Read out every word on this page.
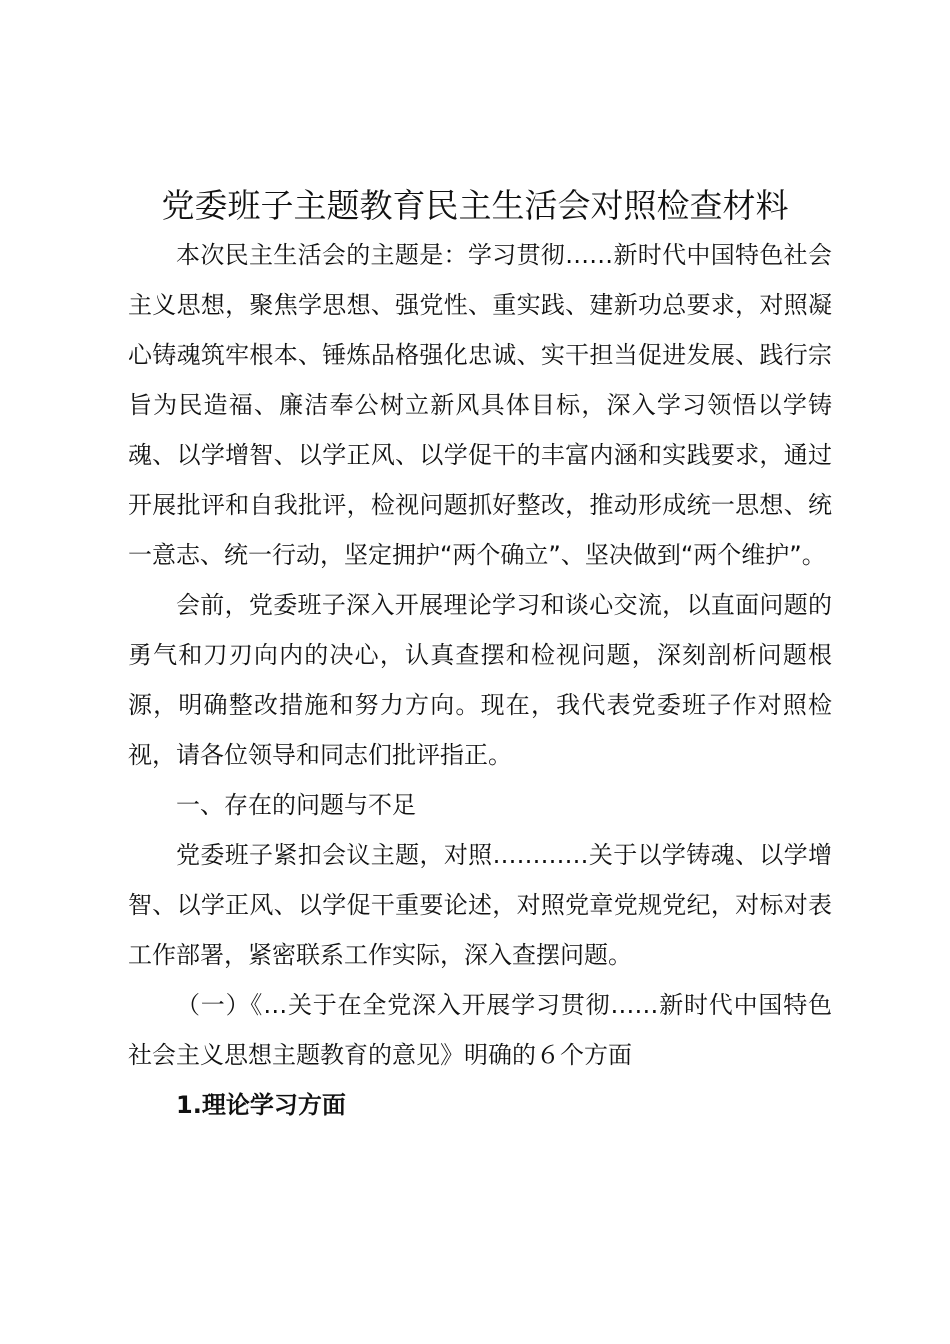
党委班子主题教育民主生活会对照检查材料

本次民主生活会的主题是：学习贯彻……新时代中国特色社会主义思想，聚焦学思想、强党性、重实践、建新功总要求，对照凝心铸魂筑牢根本、锤炼品格强化忠诚、实干担当促进发展、践行宗旨为民造福、廉洁奉公树立新风具体目标，深入学习领悟以学铸魂、以学增智、以学正风、以学促干的丰富内涵和实践要求，通过开展批评和自我批评，检视问题抓好整改，推动形成统一思想、统一意志、统一行动，坚定拥护“两个确立”、坚决做到“两个维护”。

会前，党委班子深入开展理论学习和谈心交流，以直面问题的勇气和刀刃向内的决心，认真查摆和检视问题，深刻剖析问题根源，明确整改措施和努力方向。现在，我代表党委班子作对照检视，请各位领导和同志们批评指正。

一、存在的问题与不足

党委班子紧扣会议主题，对照…………关于以学铸魂、以学增智、以学正风、以学促干重要论述，对照党章党规党纪，对标对表工作部署，紧密联系工作实际，深入查摆问题。

（一）《…关于在全党深入开展学习贯彻……新时代中国特色社会主义思想主题教育的意见》明确的６个方面

1.理论学习方面
